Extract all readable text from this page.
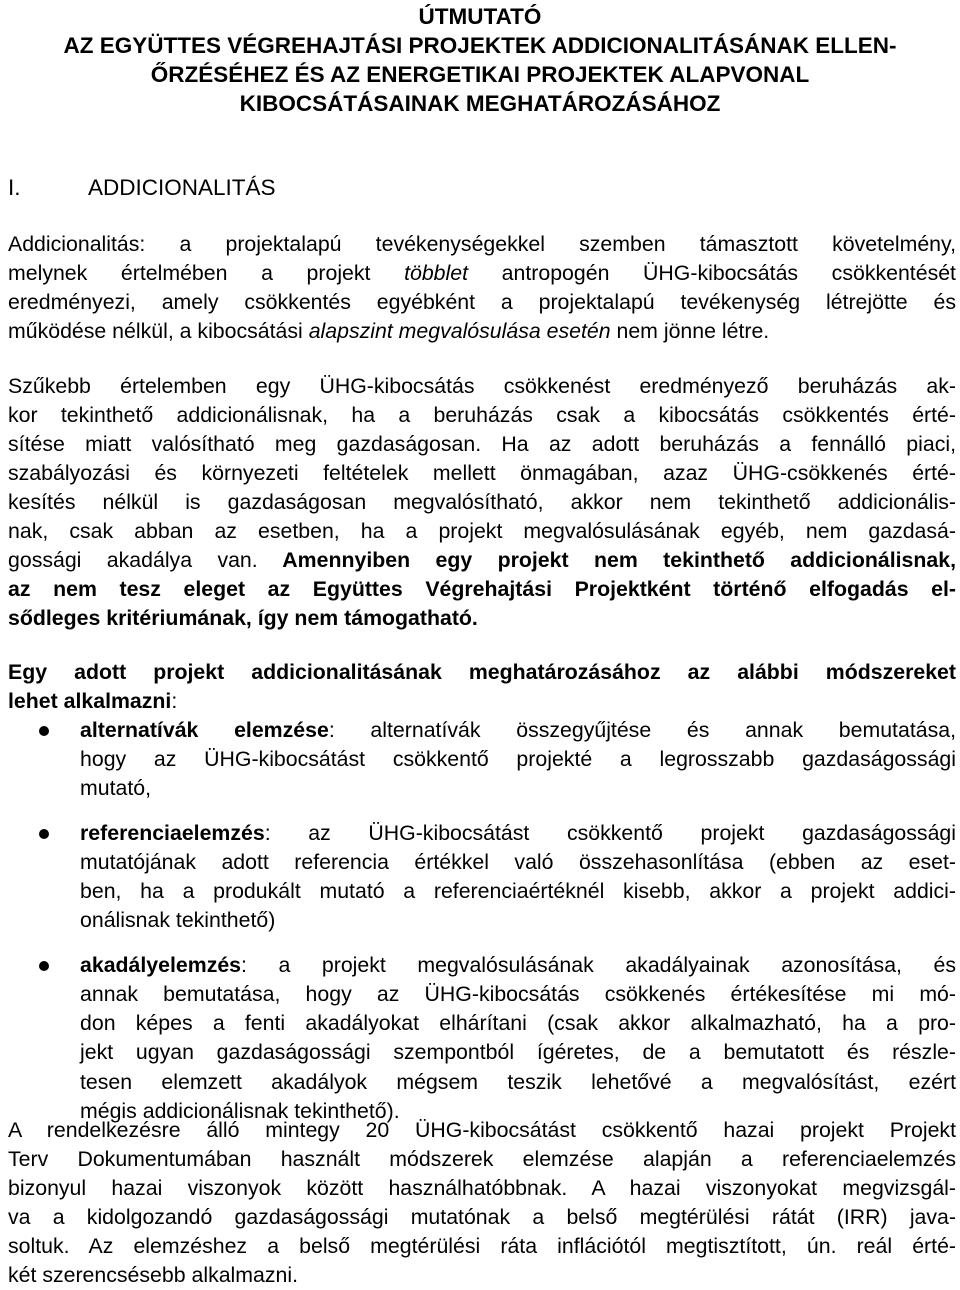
ÚTMUTATÓ
AZ EGYÜTTES VÉGREHAJTÁSI PROJEKTEK ADDICIONALITÁSÁNAK ELLEN-
ŐRZÉSÉHEZ ÉS AZ ENERGETIKAI PROJEKTEK ALAPVONAL
KIBOCSÁTÁSAINAK MEGHATÁROZÁSÁHOZ
I.	ADDICIONALITÁS
Addicionalitás: a projektalapú tevékenységekkel szemben támasztott követelmény,
melynek értelmében a projekt többlet antropogén ÜHG-kibocsátás csökkentését
eredményezi, amely csökkentés egyébként a projektalapú tevékenység létrejötte és
működése nélkül, a kibocsátási alapszint megvalósulása esetén nem jönne létre.
Szűkebb értelemben egy ÜHG-kibocsátás csökkenést eredményező beruházás ak-
kor tekinthető addicionálisnak, ha a beruházás csak a kibocsátás csökkentés érté-
sítése miatt valósítható meg gazdaságosan. Ha az adott beruházás a fennálló piaci,
szabályozási és környezeti feltételek mellett önmagában, azaz ÜHG-csökkenés érté-
kesítés nélkül is gazdaságosan megvalósítható, akkor nem tekinthető addicionális-
nak, csak abban az esetben, ha a projekt megvalósulásának egyéb, nem gazdasá-
gossági akadálya van. Amennyiben egy projekt nem tekinthető addicionálisnak,
az nem tesz eleget az Együttes Végrehajtási Projektként történő elfogadás el-
sődleges kritériumának, így nem támogatható.
Egy adott projekt addicionalitásának meghatározásához az alábbi módszereket
lehet alkalmazni:
alternatívák elemzése: alternatívák összegyűjtése és annak bemutatása,
hogy az ÜHG-kibocsátást csökkentő projekté a legrosszabb gazdaságossági
mutató,
referenciaelemzés: az ÜHG-kibocsátást csökkentő projekt gazdaságossági
mutatójának adott referencia értékkel való összehasonlítása (ebben az eset-
ben, ha a produkált mutató a referenciaértéknél kisebb, akkor a projekt addici-
onálisnak tekinthető)
akadályelemzés: a projekt megvalósulásának akadályainak azonosítása, és
annak bemutatása, hogy az ÜHG-kibocsátás csökkenés értékesítése mi mó-
don képes a fenti akadályokat elhárítani (csak akkor alkalmazható, ha a pro-
jekt ugyan gazdaságossági szempontból ígéretes, de a bemutatott és részle-
tesen elemzett akadályok mégsem teszik lehetővé a megvalósítást, ezért
mégis addicionálisnak tekinthető).
A rendelkezésre álló mintegy 20 ÜHG-kibocsátást csökkentő hazai projekt Projekt
Terv Dokumentumában használt módszerek elemzése alapján a referenciaelemzés
bizonyul hazai viszonyok között használhatóbbnak. A hazai viszonyokat megvizsgál-
va a kidolgozandó gazdaságossági mutatónak a belső megtérülési rátát (IRR) java-
soltuk. Az elemzéshez a belső megtérülési ráta inflációtól megtisztított, ún. reál érté-
két szerencsésebb alkalmazni.
